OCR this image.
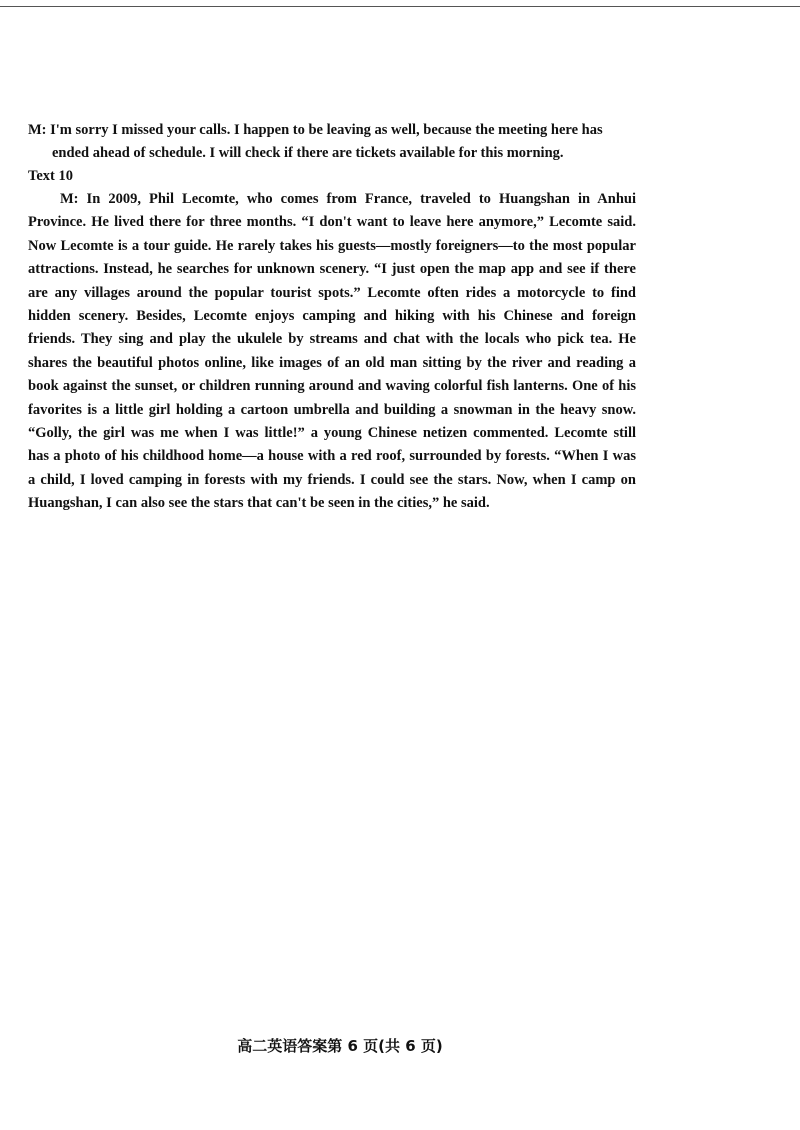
M: I'm sorry I missed your calls. I happen to be leaving as well, because the meeting here has

ended ahead of schedule. I will check if there are tickets available for this morning.

Text 10

M: In 2009, Phil Lecomte, who comes from France, traveled to Huangshan in Anhui
Province. He lived there for three months. “I don't want to leave here anymore,” Lecomte said.
Now Lecomte is a tour guide. He rarely takes his guests—mostly foreigners—to the most popular
attractions. Instead, he searches for unknown scenery. “I just open the map app and see if there
are any villages around the popular tourist spots.” Lecomte often rides a motorcycle to find
hidden scenery. Besides, Lecomte enjoys camping and hiking with his Chinese and foreign
friends. They sing and play the ukulele by streams and chat with the locals who pick tea. He
shares the beautiful photos online, like images of an old man sitting by the river and reading a
book against the sunset, or children running around and waving colorful fish lanterns. One of his
favorites is a little girl holding a cartoon umbrella and building a snowman in the heavy snow.
“Golly, the girl was me when I was little!” a young Chinese netizen commented. Lecomte still
has a photo of his childhood home—a house with a red roof, surrounded by forests. “When I was
a child, I loved camping in forests with my friends. I could see the stars. Now, when I camp on
Huangshan, I can also see the stars that can't be seen in the cities,” he said.

高二英语答案第 6 页(共 6 页)
